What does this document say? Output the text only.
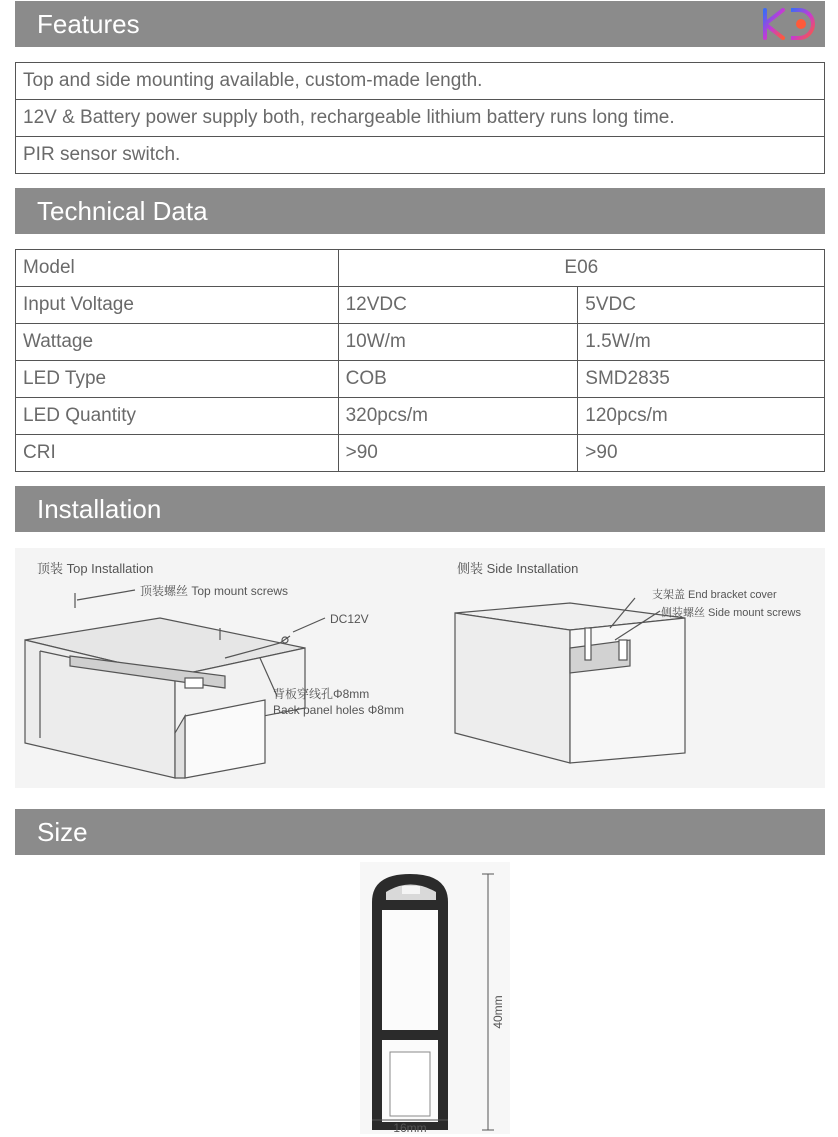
Features
Top and side mounting available, custom-made length.
12V & Battery power supply both, rechargeable lithium battery runs long time.
PIR sensor switch.
Technical Data
Model	E06	
Input Voltage	12VDC	5VDC
Wattage	10W/m	1.5W/m
LED Type	COB	SMD2835
LED Quantity	320pcs/m	120pcs/m
CRI	>90	>90
Installation
顶装 Top Installation
顶装螺丝 Top mount screws
DC12V
背板穿线孔Φ8mm
Back panel holes Φ8mm
侧装 Side Installation
支架盖 End bracket cover
侧装螺丝 Side mount screws
Size
40mm
16mm
